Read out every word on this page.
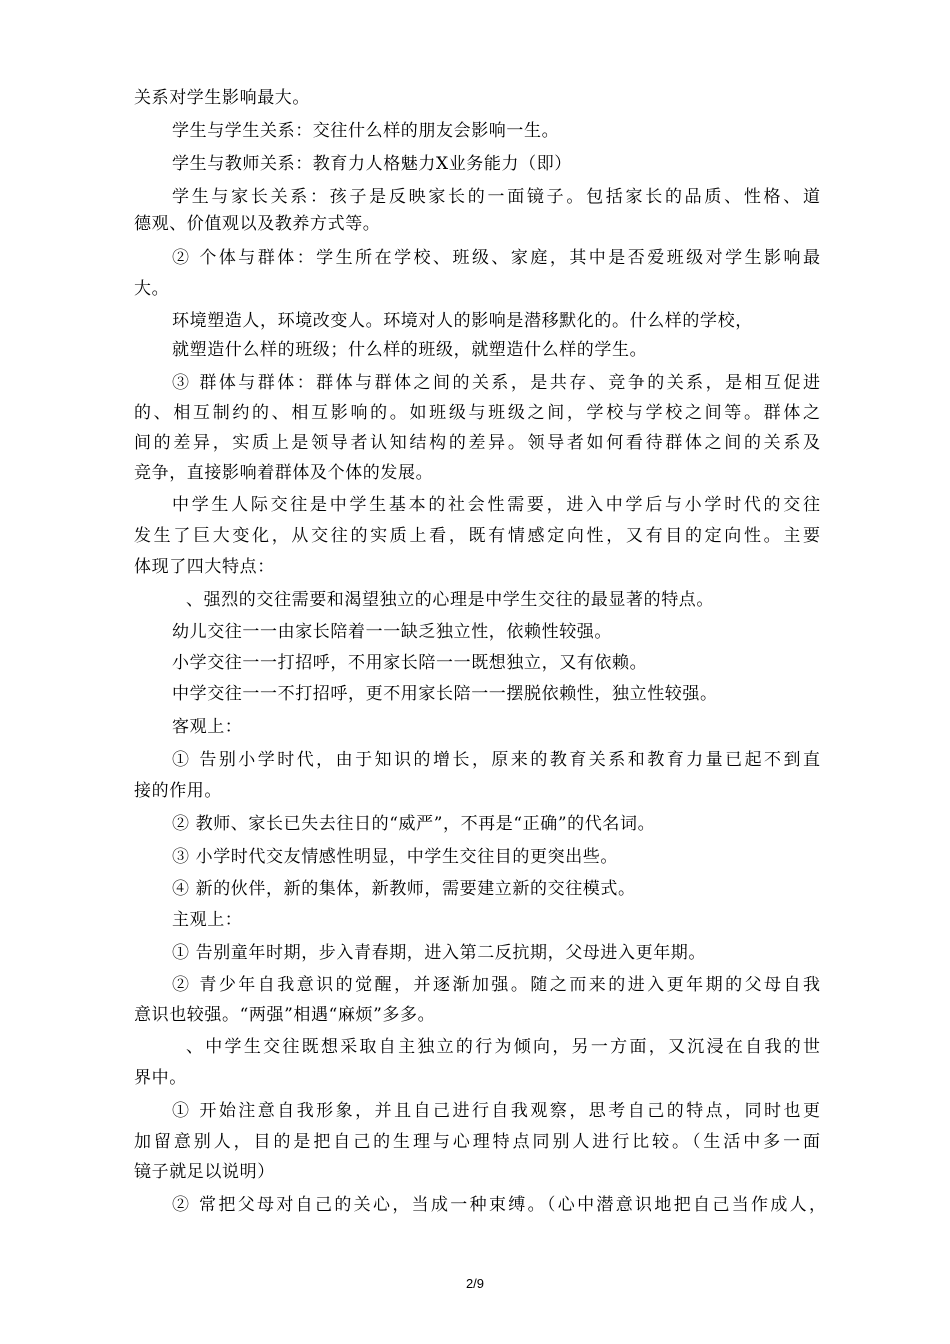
关系对学生影响最大。
学生与学生关系：交往什么样的朋友会影响一生。
学生与教师关系：教育力人格魅力X业务能力（即）
学生与家长关系：孩子是反映家长的一面镜子。包括家长的品质、性格、道
德观、价值观以及教养方式等。
② 个体与群体：学生所在学校、班级、家庭，其中是否爱班级对学生影响最
大。
环境塑造人，环境改变人。环境对人的影响是潜移默化的。什么样的学校，
就塑造什么样的班级；什么样的班级，就塑造什么样的学生。
③ 群体与群体：群体与群体之间的关系，是共存、竞争的关系，是相互促进
的、相互制约的、相互影响的。如班级与班级之间，学校与学校之间等。群体之
间的差异，实质上是领导者认知结构的差异。领导者如何看待群体之间的关系及
竞争，直接影响着群体及个体的发展。
中学生人际交往是中学生基本的社会性需要，进入中学后与小学时代的交往
发生了巨大变化，从交往的实质上看，既有情感定向性，又有目的定向性。主要
体现了四大特点：
、强烈的交往需要和渴望独立的心理是中学生交往的最显著的特点。
幼儿交往一一由家长陪着一一缺乏独立性，依赖性较强。
小学交往一一打招呼，不用家长陪一一既想独立，又有依赖。
中学交往一一不打招呼，更不用家长陪一一摆脱依赖性，独立性较强。
客观上：
① 告别小学时代，由于知识的增长，原来的教育关系和教育力量已起不到直
接的作用。
② 教师、家长已失去往日的“威严”，不再是“正确”的代名词。
③ 小学时代交友情感性明显，中学生交往目的更突出些。
④ 新的伙伴，新的集体，新教师，需要建立新的交往模式。
主观上：
① 告别童年时期，步入青春期，进入第二反抗期，父母进入更年期。
② 青少年自我意识的觉醒，并逐渐加强。随之而来的进入更年期的父母自我
意识也较强。“两强”相遇“麻烦”多多。
、中学生交往既想采取自主独立的行为倾向，另一方面，又沉浸在自我的世
界中。
① 开始注意自我形象，并且自己进行自我观察，思考自己的特点，同时也更
加留意别人，目的是把自己的生理与心理特点同别人进行比较。（生活中多一面
镜子就足以说明）
② 常把父母对自己的关心，当成一种束缚。（心中潜意识地把自己当作成人，
2/9
